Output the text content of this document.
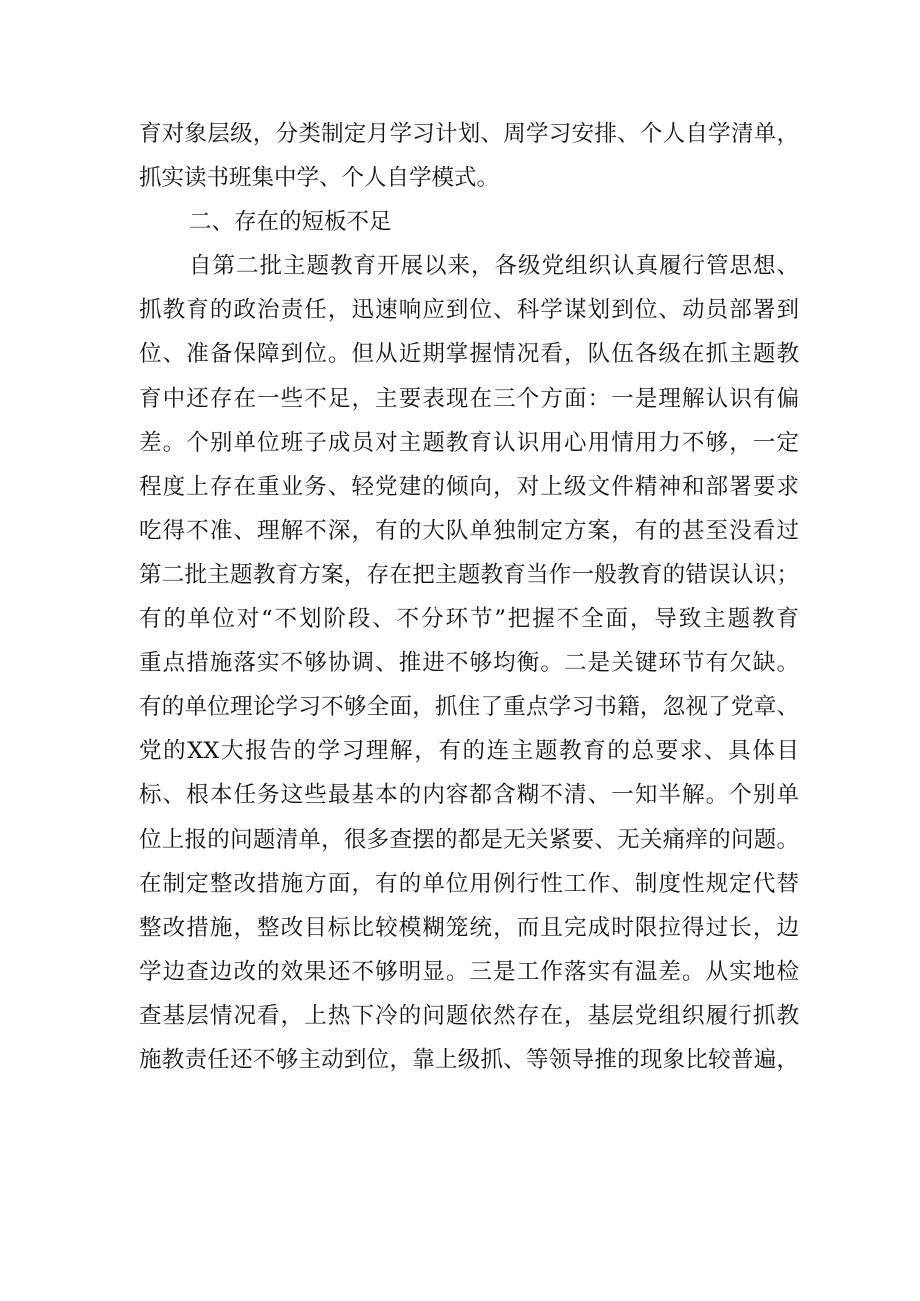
育对象层级，分类制定月学习计划、周学习安排、个人自学清单，
抓实读书班集中学、个人自学模式。
二、存在的短板不足
自第二批主题教育开展以来，各级党组织认真履行管思想、
抓教育的政治责任，迅速响应到位、科学谋划到位、动员部署到
位、准备保障到位。但从近期掌握情况看，队伍各级在抓主题教
育中还存在一些不足，主要表现在三个方面：一是理解认识有偏
差。个别单位班子成员对主题教育认识用心用情用力不够，一定
程度上存在重业务、轻党建的倾向，对上级文件精神和部署要求
吃得不准、理解不深，有的大队单独制定方案，有的甚至没看过
第二批主题教育方案，存在把主题教育当作一般教育的错误认识；
有的单位对“不划阶段、不分环节”把握不全面，导致主题教育
重点措施落实不够协调、推进不够均衡。二是关键环节有欠缺。
有的单位理论学习不够全面，抓住了重点学习书籍，忽视了党章、
党的XX大报告的学习理解，有的连主题教育的总要求、具体目
标、根本任务这些最基本的内容都含糊不清、一知半解。个别单
位上报的问题清单，很多查摆的都是无关紧要、无关痛痒的问题。
在制定整改措施方面，有的单位用例行性工作、制度性规定代替
整改措施，整改目标比较模糊笼统，而且完成时限拉得过长，边
学边查边改的效果还不够明显。三是工作落实有温差。从实地检
查基层情况看，上热下冷的问题依然存在，基层党组织履行抓教
施教责任还不够主动到位，靠上级抓、等领导推的现象比较普遍，
